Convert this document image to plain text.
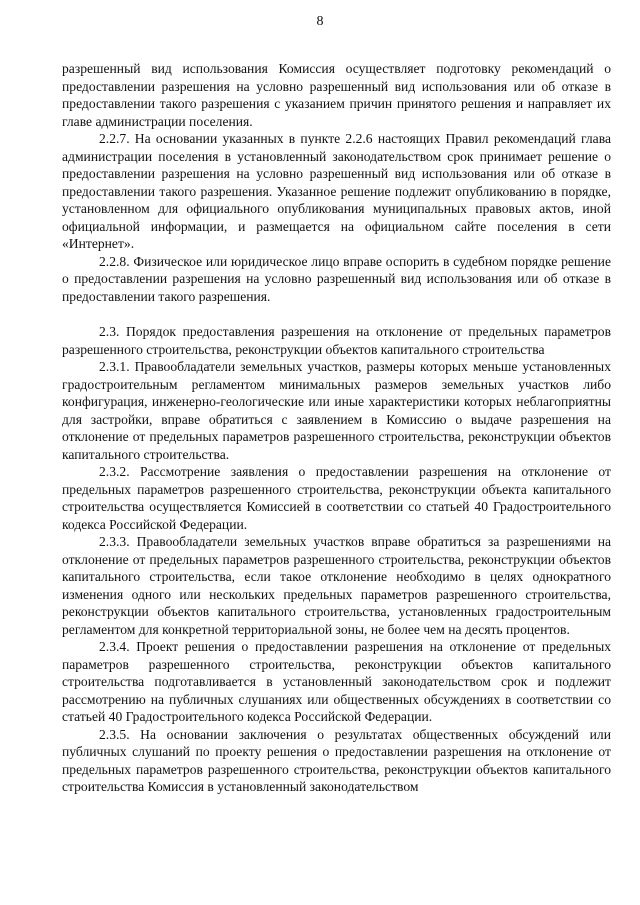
8

разрешенный вид использования Комиссия осуществляет подготовку рекомендаций о предоставлении разрешения на условно разрешенный вид использования или об отказе в предоставлении такого разрешения с указанием причин принятого решения и направляет их главе администрации поселения.

2.2.7. На основании указанных в пункте 2.2.6 настоящих Правил рекомендаций глава администрации поселения в установленный законодательством срок принимает решение о предоставлении разрешения на условно разрешенный вид использования или об отказе в предоставлении такого разрешения. Указанное решение подлежит опубликованию в порядке, установленном для официального опубликования муниципальных правовых актов, иной официальной информации, и размещается на официальном сайте поселения в сети «Интернет».

2.2.8. Физическое или юридическое лицо вправе оспорить в судебном порядке решение о предоставлении разрешения на условно разрешенный вид использования или об отказе в предоставлении такого разрешения.

2.3. Порядок предоставления разрешения на отклонение от предельных параметров разрешенного строительства, реконструкции объектов капитального строительства

2.3.1. Правообладатели земельных участков, размеры которых меньше установленных градостроительным регламентом минимальных размеров земельных участков либо конфигурация, инженерно-геологические или иные характеристики которых неблагоприятны для застройки, вправе обратиться с заявлением в Комиссию о выдаче разрешения на отклонение от предельных параметров разрешенного строительства, реконструкции объектов капитального строительства.

2.3.2. Рассмотрение заявления о предоставлении разрешения на отклонение от предельных параметров разрешенного строительства, реконструкции объекта капитального строительства осуществляется Комиссией в соответствии со статьей 40 Градостроительного кодекса Российской Федерации.

2.3.3. Правообладатели земельных участков вправе обратиться за разрешениями на отклонение от предельных параметров разрешенного строительства, реконструкции объектов капитального строительства, если такое отклонение необходимо в целях однократного изменения одного или нескольких предельных параметров разрешенного строительства, реконструкции объектов капитального строительства, установленных градостроительным регламентом для конкретной территориальной зоны, не более чем на десять процентов.

2.3.4. Проект решения о предоставлении разрешения на отклонение от предельных параметров разрешенного строительства, реконструкции объектов капитального строительства подготавливается в установленный законодательством срок и подлежит рассмотрению на публичных слушаниях или общественных обсуждениях в соответствии со статьей 40 Градостроительного кодекса Российской Федерации.

2.3.5. На основании заключения о результатах общественных обсуждений или публичных слушаний по проекту решения о предоставлении разрешения на отклонение от предельных параметров разрешенного строительства, реконструкции объектов капитального строительства Комиссия в установленный законодательством
